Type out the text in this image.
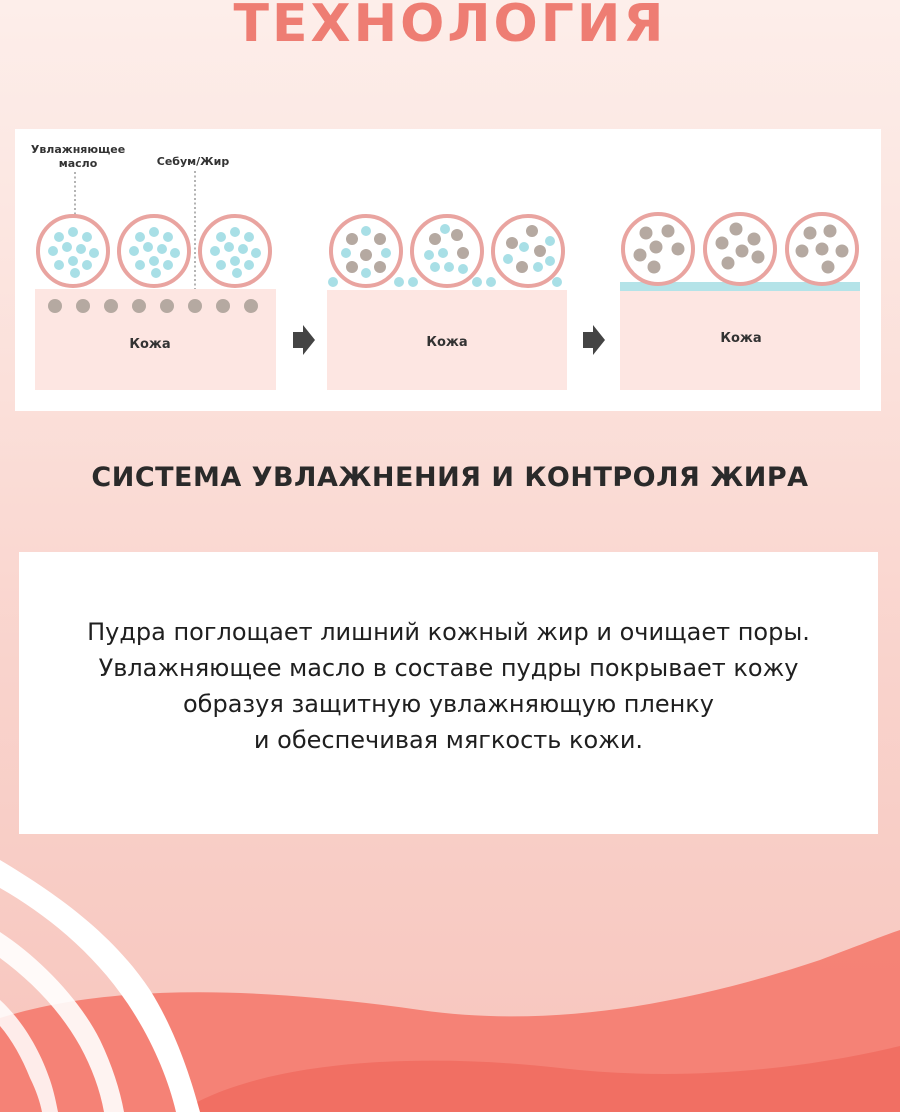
ТЕХНОЛОГИЯ
Увлажняющее
масло	Себум/Жир
Кожа	Кожа	Кожа
СИСТЕМА УВЛАЖНЕНИЯ И КОНТРОЛЯ ЖИРА

Пудра поглощает лишний кожный жир и очищает поры.
Увлажняющее масло в составе пудры покрывает кожу
образуя защитную увлажняющую пленку
и обеспечивая мягкость кожи.
